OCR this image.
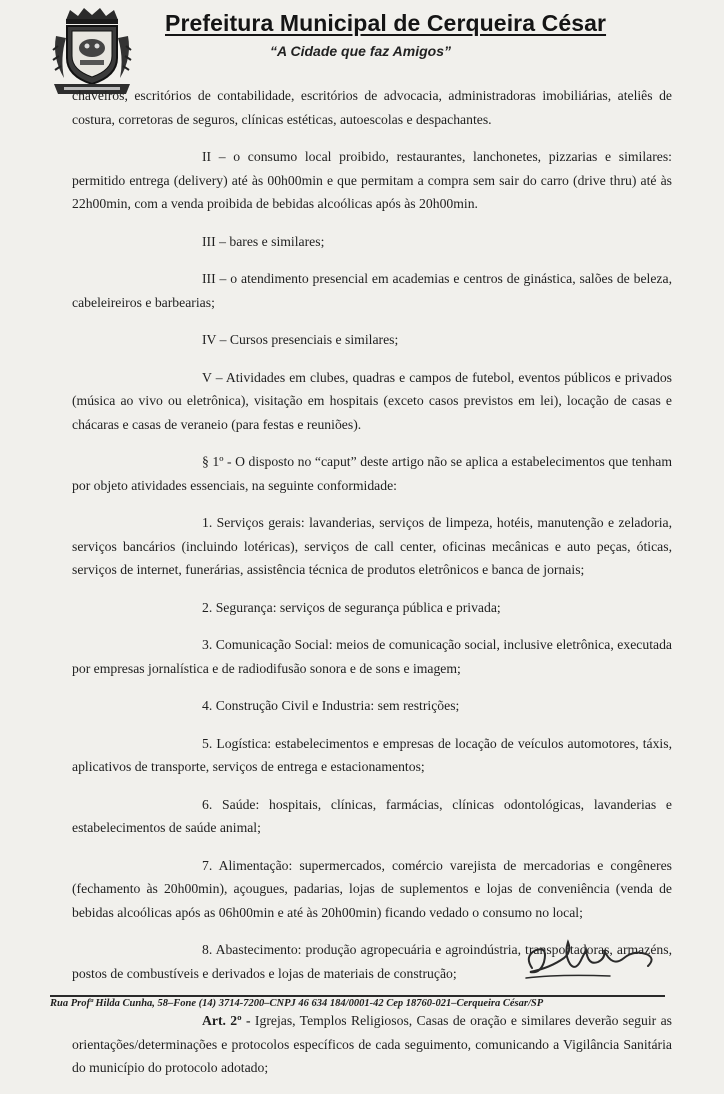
Prefeitura Municipal de Cerqueira César
“A Cidade que faz Amigos”

chaveiros, escritórios de contabilidade, escritórios de advocacia, administradoras imobiliárias, ateliês de costura, corretoras de seguros, clínicas estéticas, autoescolas e despachantes.

II – o consumo local proibido, restaurantes, lanchonetes, pizzarias e similares: permitido entrega (delivery) até às 00h00min e que permitam a compra sem sair do carro (drive thru) até às 22h00min, com a venda proibida de bebidas alcoólicas após às 20h00min.

III – bares e similares;

III – o atendimento presencial em academias e centros de ginástica, salões de beleza, cabeleireiros e barbearias;

IV – Cursos presenciais e similares;

V – Atividades em clubes, quadras e campos de futebol, eventos públicos e privados (música ao vivo ou eletrônica), visitação em hospitais (exceto casos previstos em lei), locação de casas e chácaras e casas de veraneio (para festas e reuniões).

§ 1º - O disposto no “caput” deste artigo não se aplica a estabelecimentos que tenham por objeto atividades essenciais, na seguinte conformidade:

1. Serviços gerais: lavanderias, serviços de limpeza, hotéis, manutenção e zeladoria, serviços bancários (incluindo lotéricas), serviços de call center, oficinas mecânicas e auto peças, óticas, serviços de internet, funerárias, assistência técnica de produtos eletrônicos e banca de jornais;

2. Segurança: serviços de segurança pública e privada;

3. Comunicação Social: meios de comunicação social, inclusive eletrônica, executada por empresas jornalística e de radiodifusão sonora e de sons e imagem;

4. Construção Civil e Industria: sem restrições;

5. Logística: estabelecimentos e empresas de locação de veículos automotores, táxis, aplicativos de transporte, serviços de entrega e estacionamentos;

6. Saúde: hospitais, clínicas, farmácias, clínicas odontológicas, lavanderias e estabelecimentos de saúde animal;

7. Alimentação: supermercados, comércio varejista de mercadorias e congêneres (fechamento às 20h00min), açougues, padarias, lojas de suplementos e lojas de conveniência (venda de bebidas alcoólicas após as 06h00min e até às 20h00min) ficando vedado o consumo no local;

8. Abastecimento: produção agropecuária e agroindústria, transportadoras, armazéns, postos de combustíveis e derivados e lojas de materiais de construção;

Art. 2º - Igrejas, Templos Religiosos, Casas de oração e similares deverão seguir as orientações/determinações e protocolos específicos de cada seguimento, comunicando a Vigilância Sanitária do município do protocolo adotado;

Rua Profª Hilda Cunha, 58–Fone (14) 3714-7200–CNPJ 46 634 184/0001-42 Cep 18760-021–Cerqueira César/SP
